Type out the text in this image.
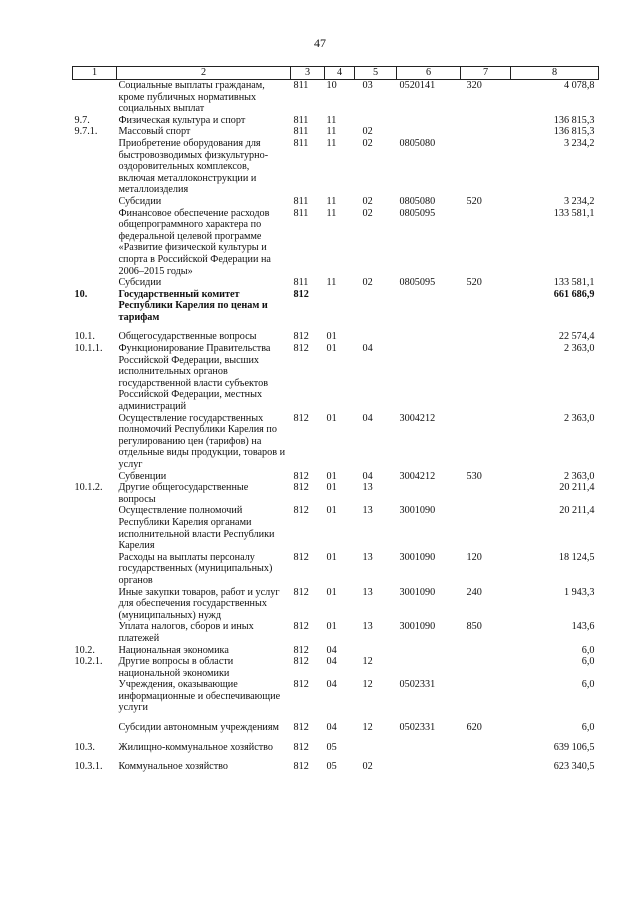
47
1	2	3	4	5	6	7	8
	Социальные выплаты гражданам, кроме публичных нормативных социальных выплат	811	10	03	0520141	320	4 078,8
9.7.	Физическая культура и спорт	811	11				136 815,3
9.7.1.	Массовый спорт	811	11	02			136 815,3
	Приобретение оборудования для быстровозводимых физкультурно-оздоровительных комплексов, включая металлоконструкции и металлоизделия	811	11	02	0805080		3 234,2
	Субсидии	811	11	02	0805080	520	3 234,2
	Финансовое обеспечение расходов общепрограммного характера по федеральной целевой программе «Развитие физической культуры и спорта в Российской Федерации на 2006–2015 годы»	811	11	02	0805095		133 581,1
	Субсидии	811	11	02	0805095	520	133 581,1
10.	Государственный комитет Республики Карелия по ценам и тарифам	812					661 686,9
10.1.	Общегосударственные вопросы	812	01				22 574,4
10.1.1.	Функционирование Правительства Российской Федерации, высших исполнительных органов государственной власти субъектов Российской Федерации, местных администраций	812	01	04			2 363,0
	Осуществление государственных полномочий Республики Карелия по регулированию цен (тарифов) на отдельные виды продукции, товаров и услуг	812	01	04	3004212		2 363,0
	Субвенции	812	01	04	3004212	530	2 363,0
10.1.2.	Другие общегосударственные вопросы	812	01	13			20 211,4
	Осуществление полномочий Республики Карелия органами исполнительной власти Республики Карелия	812	01	13	3001090		20 211,4
	Расходы на выплаты персоналу государственных (муниципальных) органов	812	01	13	3001090	120	18 124,5
	Иные закупки товаров, работ и услуг для обеспечения государственных (муниципальных) нужд	812	01	13	3001090	240	1 943,3
	Уплата налогов, сборов и иных платежей	812	01	13	3001090	850	143,6
10.2.	Национальная экономика	812	04				6,0
10.2.1.	Другие вопросы в области национальной экономики	812	04	12			6,0
	Учреждения, оказывающие информационные и обеспечивающие услуги	812	04	12	0502331		6,0
	Субсидии автономным учреждениям	812	04	12	0502331	620	6,0
10.3.	Жилищно-коммунальное хозяйство	812	05				639 106,5
10.3.1.	Коммунальное хозяйство	812	05	02			623 340,5
